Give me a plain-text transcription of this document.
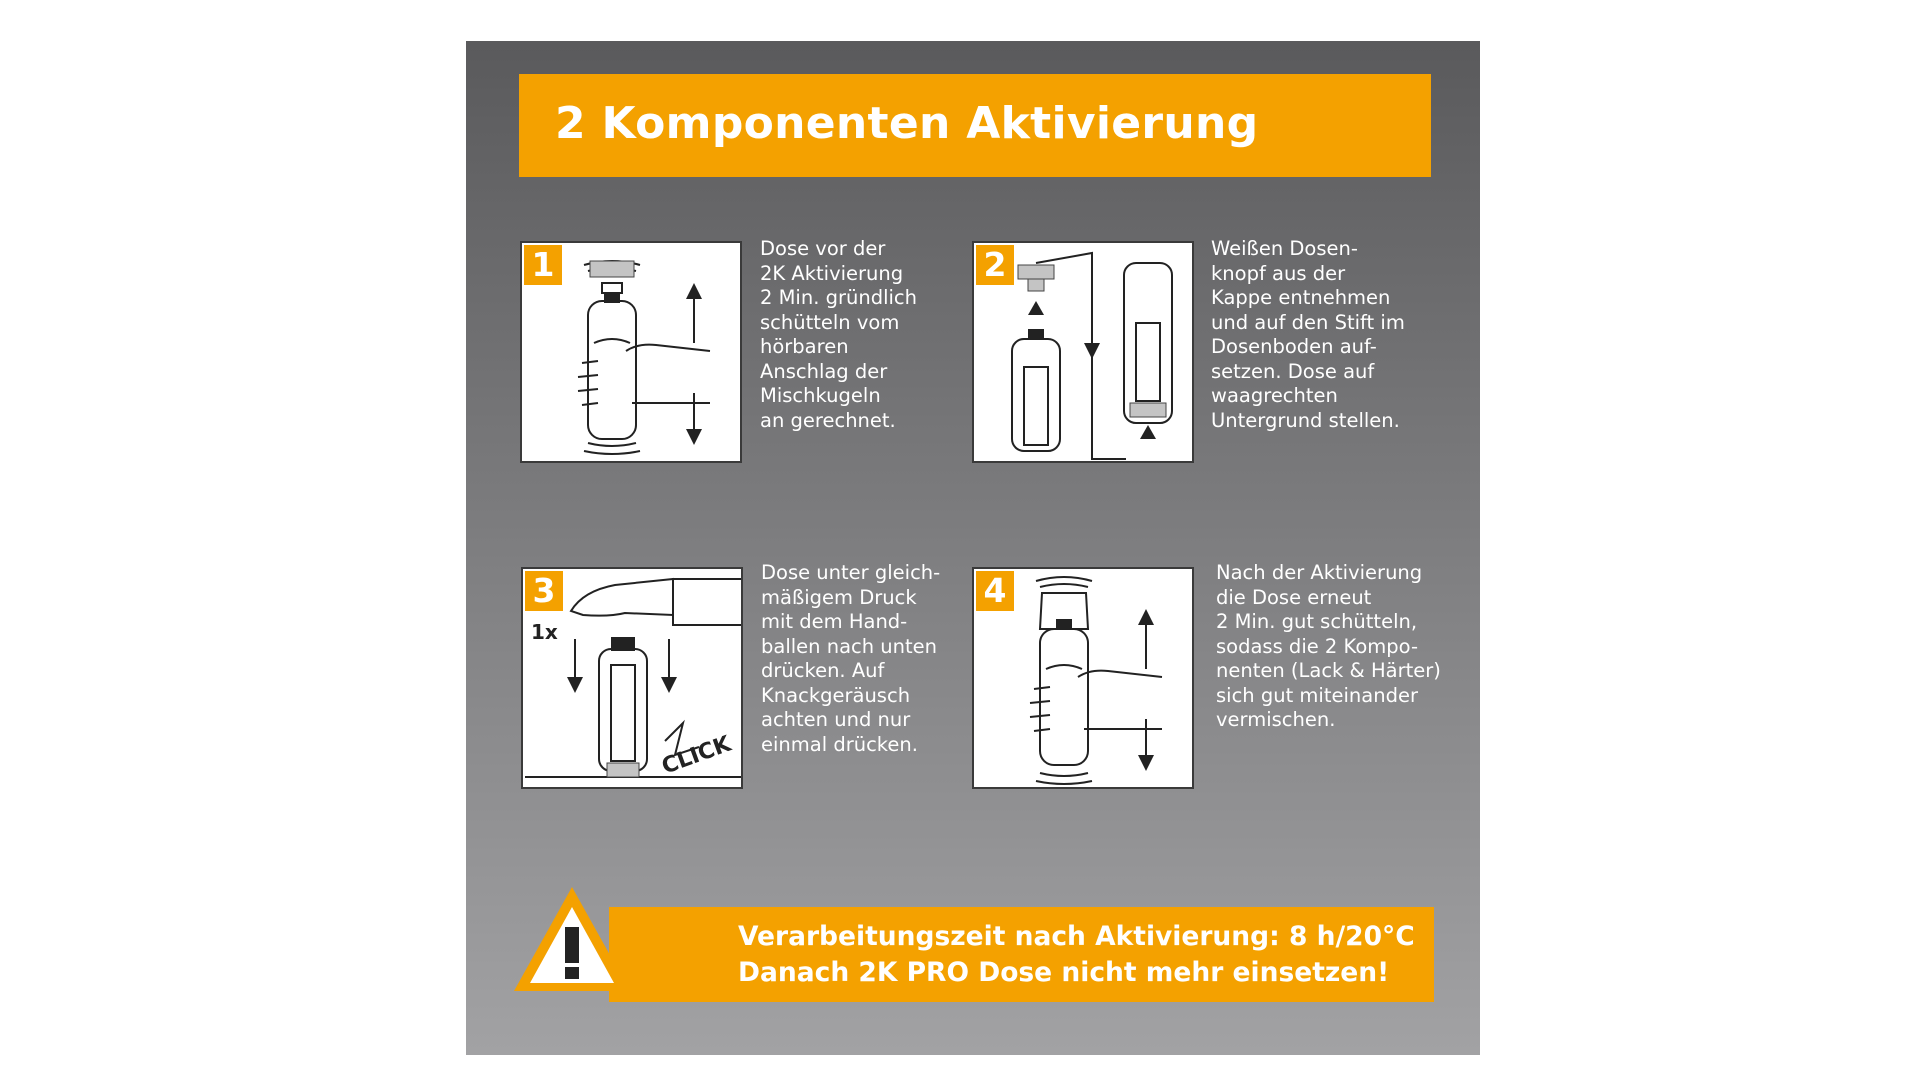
2 Komponenten Aktivierung
1	Dose vor der
2K Aktivierung
2 Min. gründlich
schütteln vom
hörbaren
Anschlag der
Mischkugeln
an gerechnet.
2	Weißen Dosen-
knopf aus der
Kappe entnehmen
und auf den Stift im
Dosenboden auf-
setzen. Dose auf
waagrechten
Untergrund stellen.
1x
CLICK
3	Dose unter gleich-
mäßigem Druck
mit dem Hand-
ballen nach unten
drücken. Auf
Knackgeräusch
achten und nur
einmal drücken.
4	Nach der Aktivierung
die Dose erneut
2 Min. gut schütteln,
sodass die 2 Kompo-
nenten (Lack & Härter)
sich gut miteinander
vermischen.

Verarbeitungszeit nach Aktivierung: 8 h/20°C

Danach 2K PRO Dose nicht mehr einsetzen!
